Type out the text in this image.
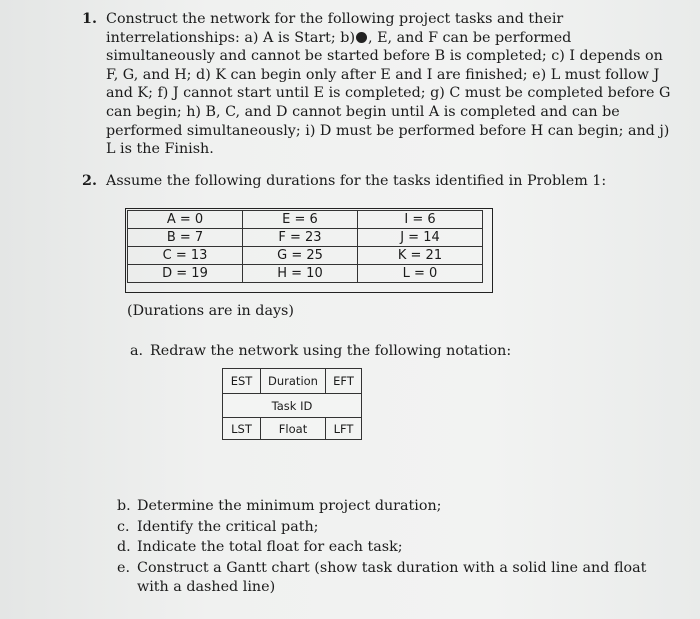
1. Construct the network for the following project tasks and their
interrelationships: a) A is Start; b) , E, and F can be performed
simultaneously and cannot be started before B is completed; c) I depends on
F, G, and H; d) K can begin only after E and I are finished; e) L must follow J
and K; f) J cannot start until E is completed; g) C must be completed before G
can begin; h) B, C, and D cannot begin until A is completed and can be
performed simultaneously; i) D must be performed before H can begin; and j)
L is the Finish.
2. Assume the following durations for the tasks identified in Problem 1:
A = 0	E = 6	I = 6
B = 7	F = 23	J = 14
C = 13	G = 25	K = 21
D = 19	H = 10	L = 0
(Durations are in days)
a. Redraw the network using the following notation:
EST	Duration	EFT
Task ID
LST	Float	LFT
b. Determine the minimum project duration;
c. Identify the critical path;
d. Indicate the total float for each task;
e. Construct a Gantt chart (show task duration with a solid line and float with a dashed line)
